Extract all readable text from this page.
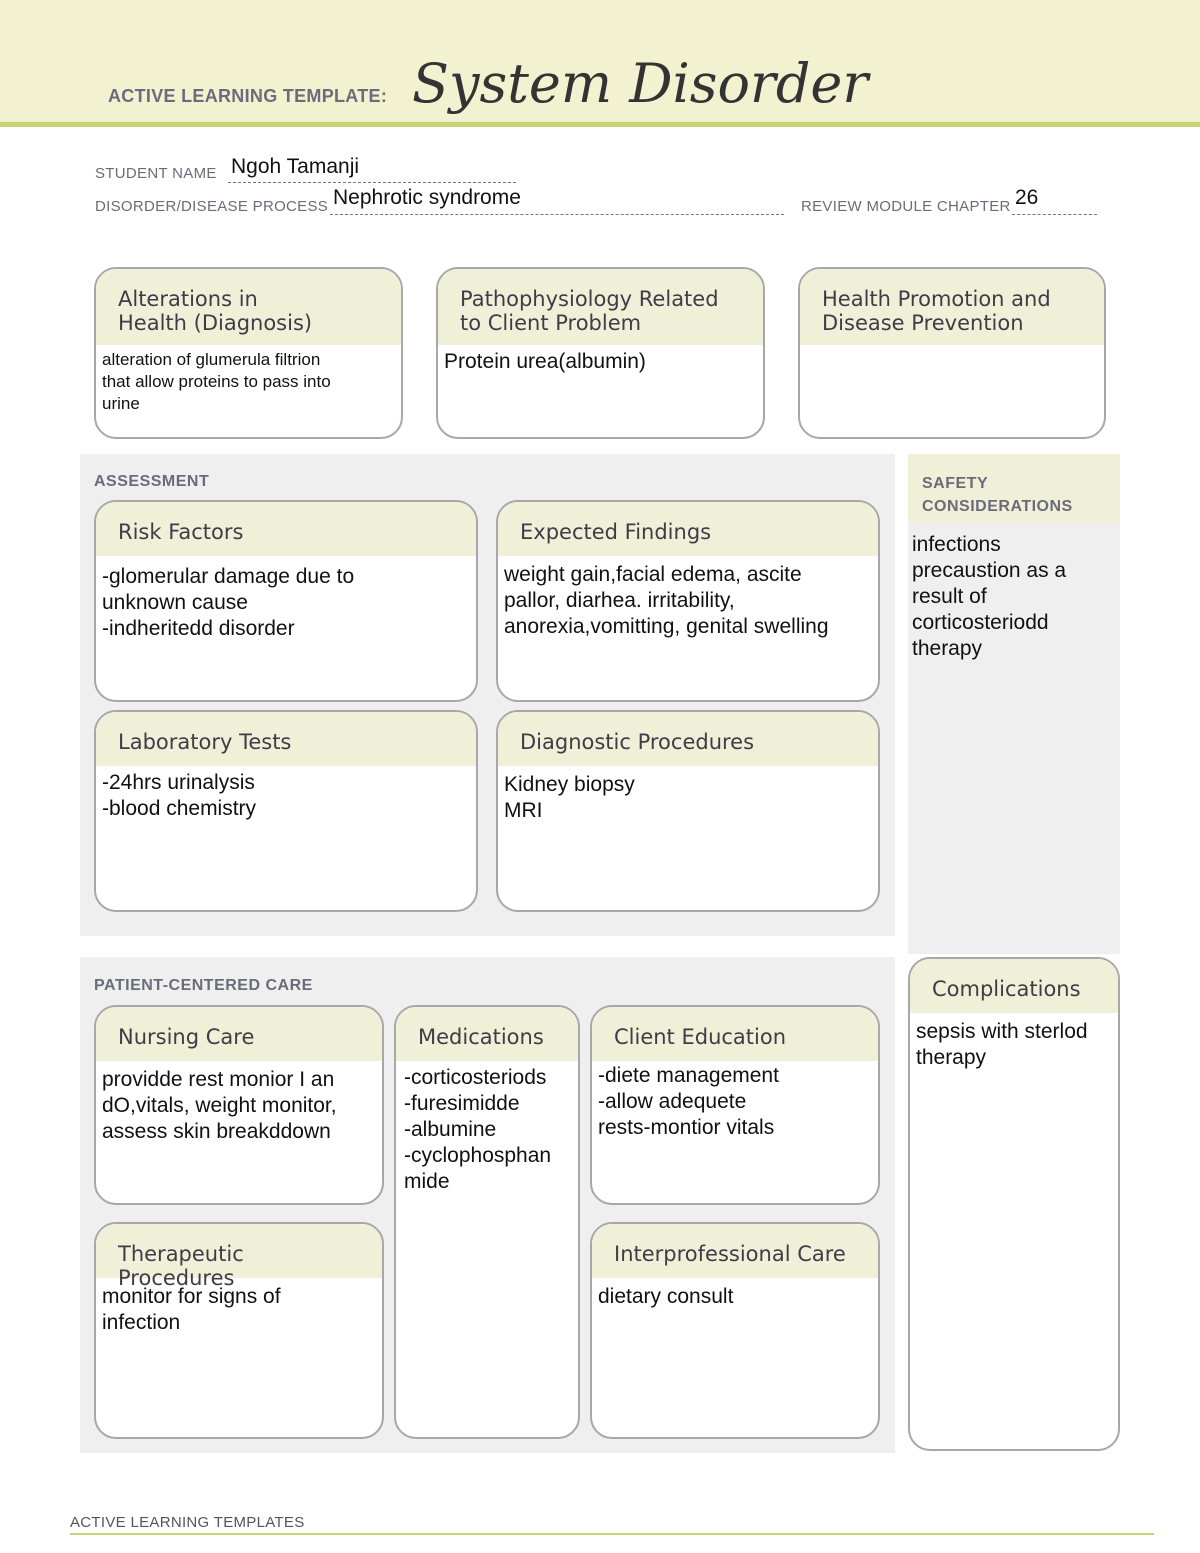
ACTIVE LEARNING TEMPLATE: System Disorder
STUDENT NAME Ngoh Tamanji
DISORDER/DISEASE PROCESS Nephrotic syndrome	REVIEW MODULE CHAPTER 26
Alterations in
Health (Diagnosis)
alteration of glumerula filtrion
that allow proteins to pass into
urine
Pathophysiology Related
to Client Problem
Protein urea(albumin)
Health Promotion and
Disease Prevention
ASSESSMENT
Risk Factors
-glomerular damage due to
unknown cause
-indheritedd disorder
Expected Findings
weight gain,facial edema, ascite
pallor, diarhea. irritability,
anorexia,vomitting, genital swelling
Laboratory Tests
-24hrs urinalysis
-blood chemistry
Diagnostic Procedures
Kidney biopsy
MRI
SAFETY
CONSIDERATIONS
infections
precaustion as a
result of
corticosteriodd
therapy
Complications
sepsis with sterlod
therapy
PATIENT-CENTERED CARE
Nursing Care
providde rest monior I an
dO,vitals, weight monitor,
assess skin breakddown
Medications
-corticosteriods
-furesimidde
-albumine
-cyclophosphan
mide
Client Education
-diete management
-allow adequete
rests-montior vitals
Therapeutic Procedures
monitor for signs of
infection
Interprofessional Care
dietary consult
ACTIVE LEARNING TEMPLATES
